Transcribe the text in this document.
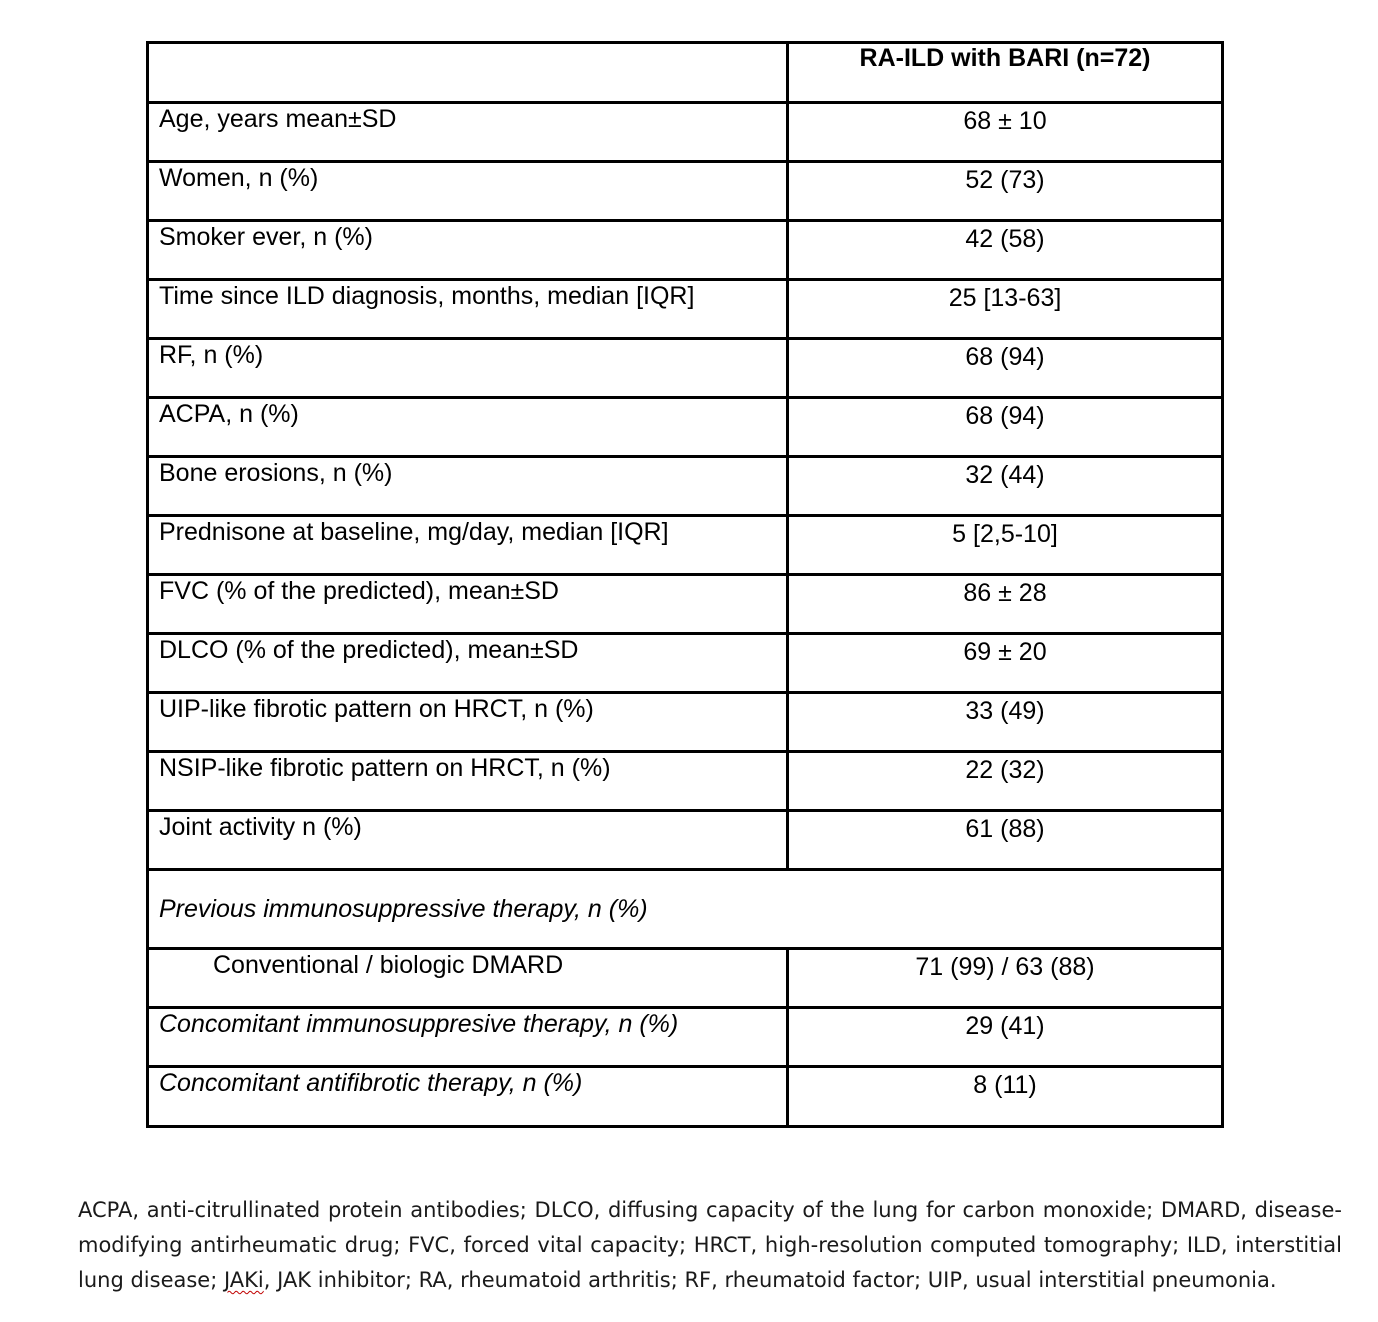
	RA-ILD with BARI (n=72)
Age, years mean±SD	68 ± 10
Women, n (%)	52 (73)
Smoker ever, n (%)	42 (58)
Time since ILD diagnosis, months, median [IQR]	25 [13-63]
RF, n (%)	68 (94)
ACPA, n (%)	68 (94)
Bone erosions, n (%)	32 (44)
Prednisone at baseline, mg/day, median [IQR]	5 [2,5-10]
FVC (% of the predicted), mean±SD	86 ± 28
DLCO (% of the predicted), mean±SD	69 ± 20
UIP-like fibrotic pattern on HRCT, n (%)	33 (49)
NSIP-like fibrotic pattern on HRCT, n (%)	22 (32)
Joint activity n (%)	61 (88)
Previous immunosuppressive therapy, n (%)	
Conventional / biologic DMARD	71 (99) / 63 (88)
Concomitant immunosuppresive therapy, n (%)	29 (41)
Concomitant antifibrotic therapy, n (%)	8 (11)

ACPA, anti-citrullinated protein antibodies; DLCO, diffusing capacity of the lung for carbon monoxide; DMARD, disease-modifying antirheumatic drug; FVC, forced vital capacity; HRCT, high-resolution computed tomography; ILD, interstitial lung disease; JAKi, JAK inhibitor; RA, rheumatoid arthritis; RF, rheumatoid factor; UIP, usual interstitial pneumonia.
